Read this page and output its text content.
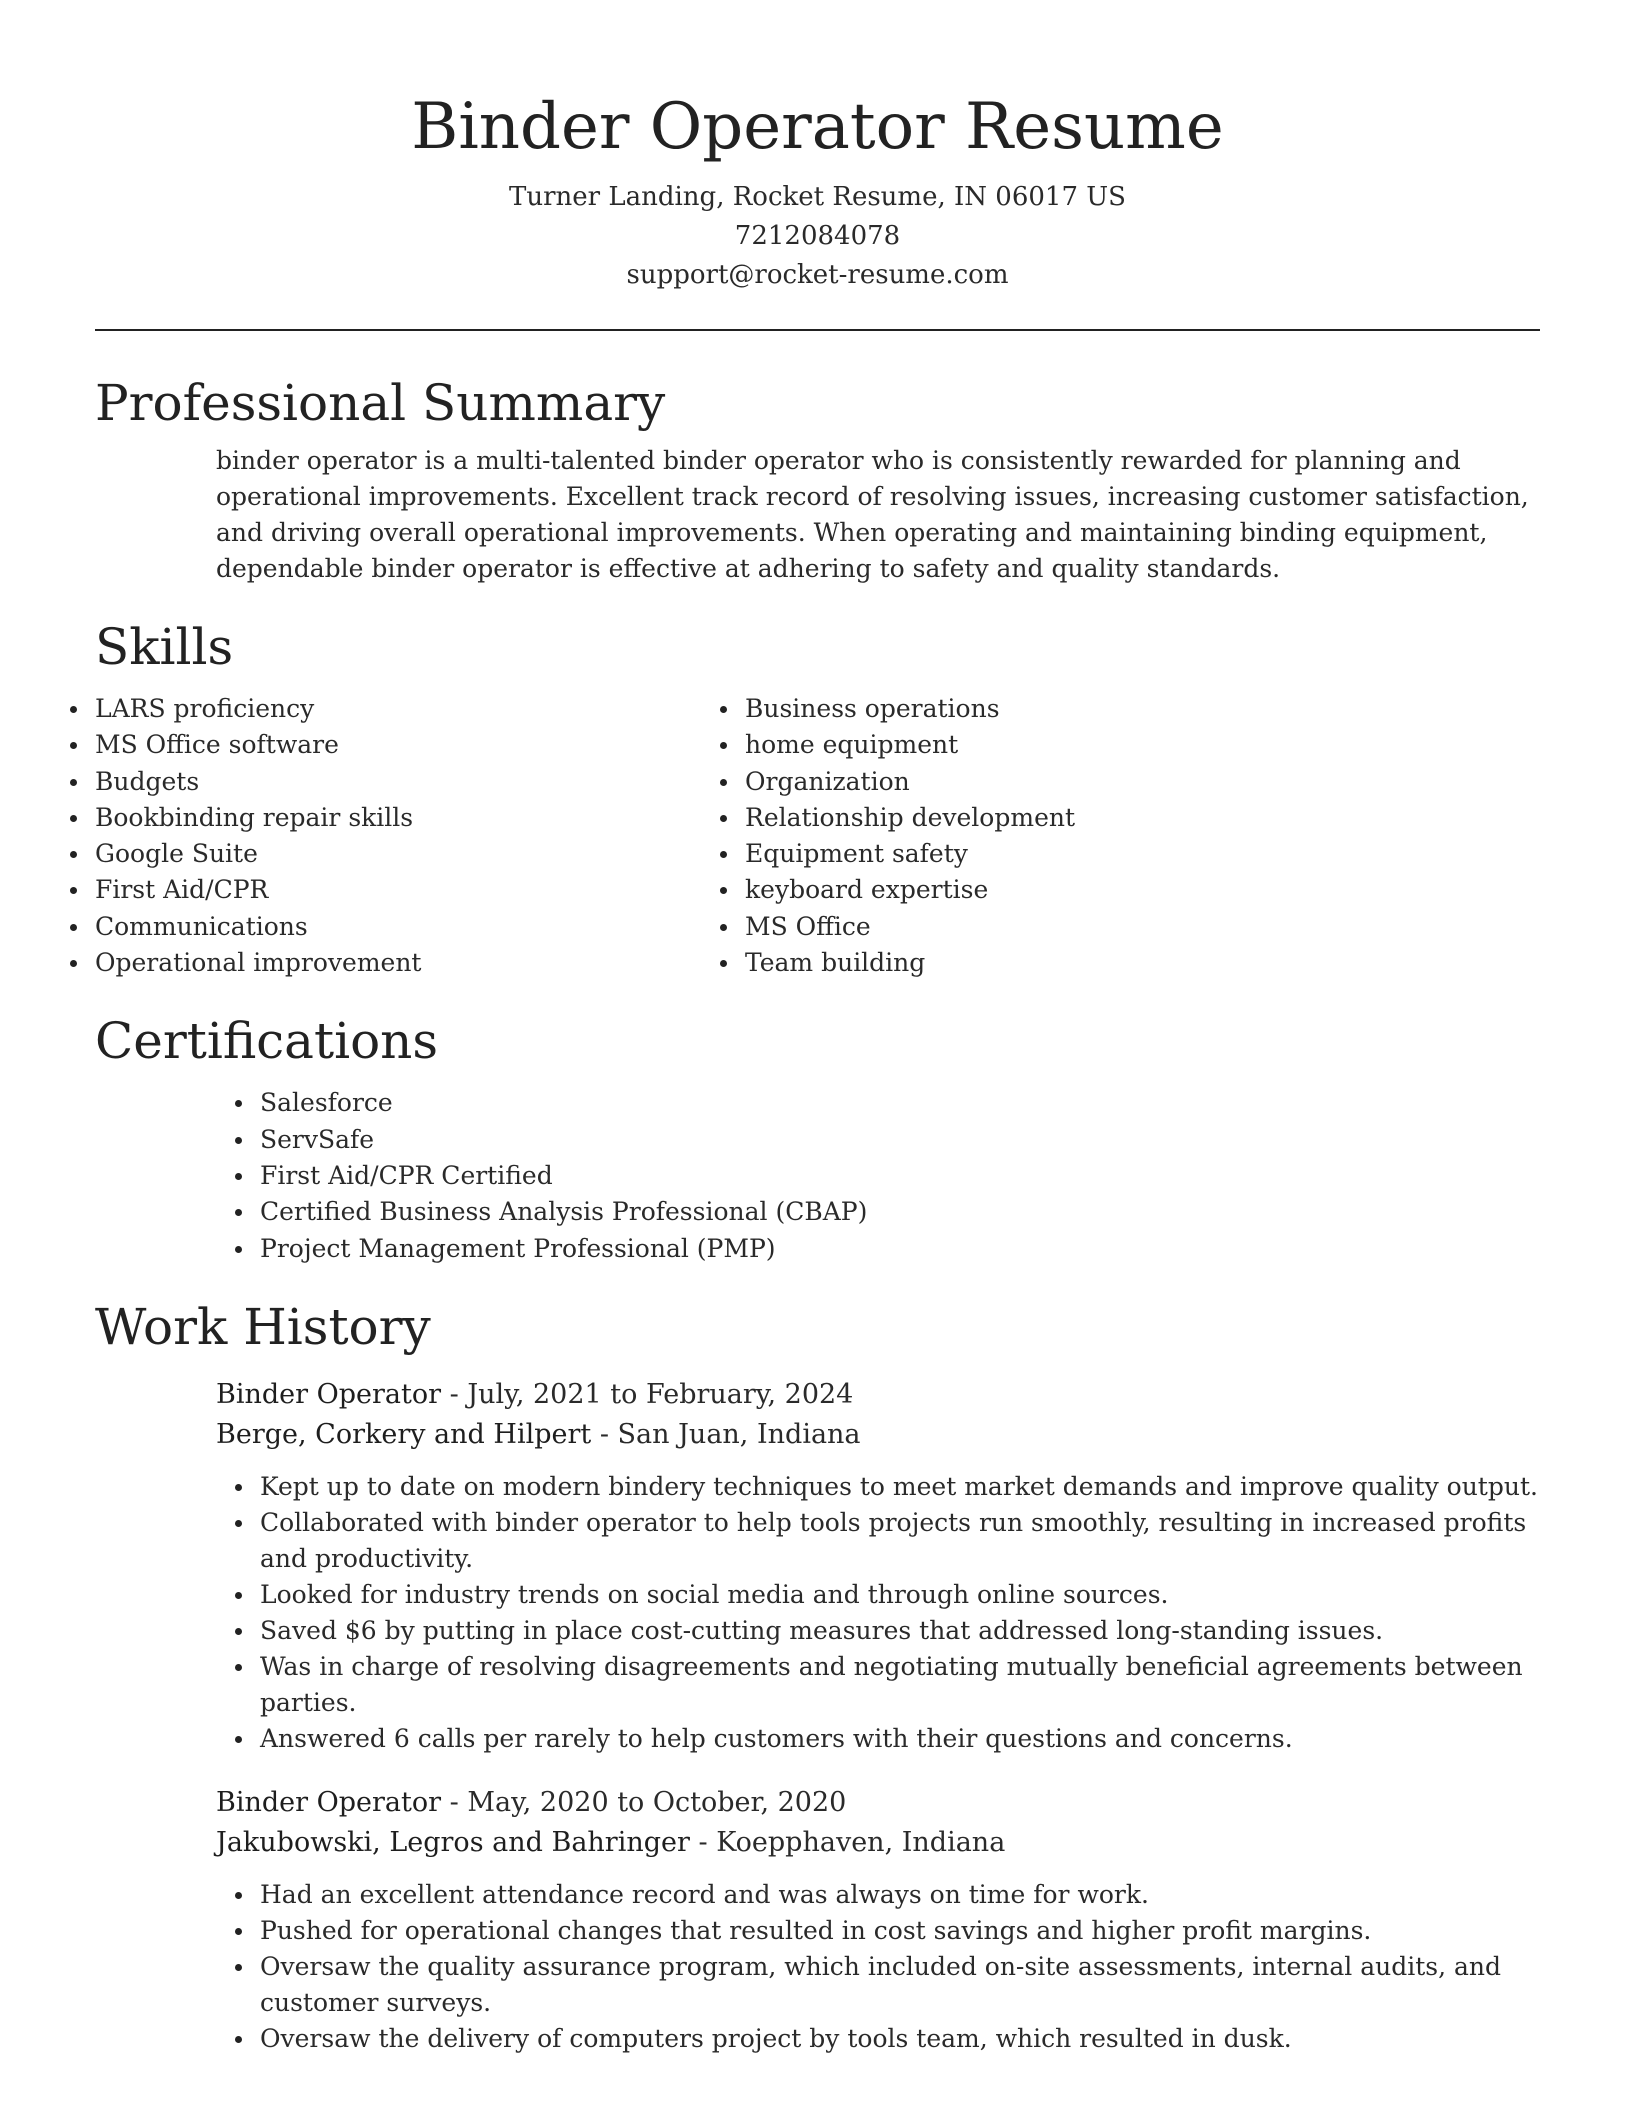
Binder Operator Resume
Turner Landing, Rocket Resume, IN 06017 US
7212084078
support@rocket-resume.com
Professional Summary

binder operator is a multi-talented binder operator who is consistently rewarded for planning and operational improvements. Excellent track record of resolving issues, increasing customer satisfaction, and driving overall operational improvements. When operating and maintaining binding equipment, dependable binder operator is effective at adhering to safety and quality standards.

Skills
LARS proficiency
MS Office software
Budgets
Bookbinding repair skills
Google Suite
First Aid/CPR
Communications
Operational improvement
Business operations
home equipment
Organization
Relationship development
Equipment safety
keyboard expertise
MS Office
Team building
Certifications
Salesforce
ServSafe
First Aid/CPR Certified
Certified Business Analysis Professional (CBAP)
Project Management Professional (PMP)
Work History
Binder Operator - July, 2021 to February, 2024
Berge, Corkery and Hilpert - San Juan, Indiana
Kept up to date on modern bindery techniques to meet market demands and improve quality output.
Collaborated with binder operator to help tools projects run smoothly, resulting in increased profits and productivity.
Looked for industry trends on social media and through online sources.
Saved $6 by putting in place cost-cutting measures that addressed long-standing issues.
Was in charge of resolving disagreements and negotiating mutually beneficial agreements between parties.
Answered 6 calls per rarely to help customers with their questions and concerns.
Binder Operator - May, 2020 to October, 2020
Jakubowski, Legros and Bahringer - Koepphaven, Indiana
Had an excellent attendance record and was always on time for work.
Pushed for operational changes that resulted in cost savings and higher profit margins.
Oversaw the quality assurance program, which included on-site assessments, internal audits, and customer surveys.
Oversaw the delivery of computers project by tools team, which resulted in dusk.
